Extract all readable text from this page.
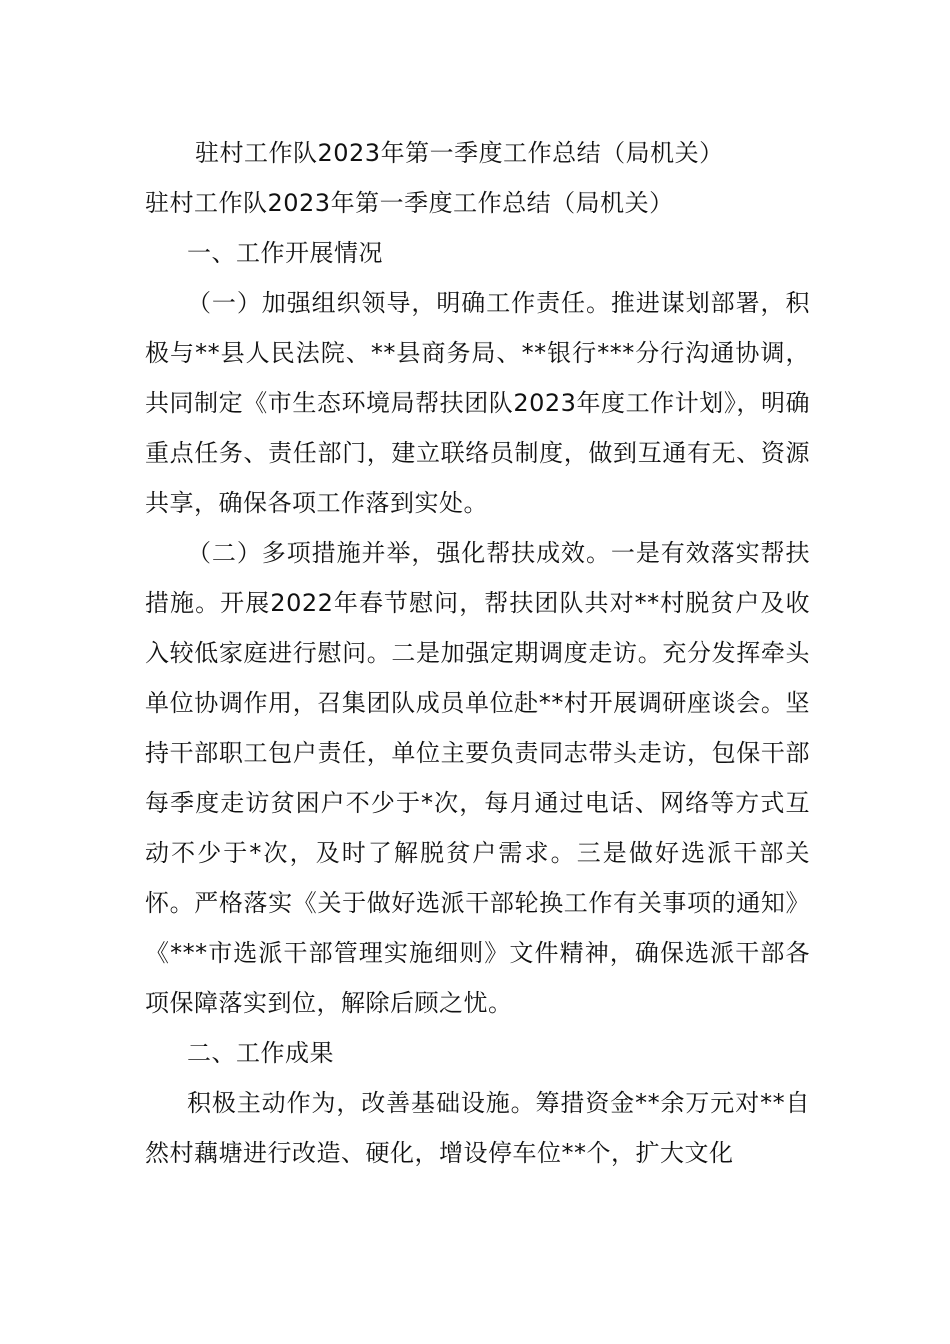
驻村工作队2023年第一季度工作总结（局机关）
驻村工作队2023年第一季度工作总结（局机关）
一、工作开展情况

（一）加强组织领导，明确工作责任。推进谋划部署，积极与**县人民法院、**县商务局、**银行***分行沟通协调，共同制定《市生态环境局帮扶团队2023年度工作计划》，明确重点任务、责任部门，建立联络员制度，做到互通有无、资源共享，确保各项工作落到实处。

（二）多项措施并举，强化帮扶成效。一是有效落实帮扶措施。开展2022年春节慰问，帮扶团队共对**村脱贫户及收入较低家庭进行慰问。二是加强定期调度走访。充分发挥牵头单位协调作用，召集团队成员单位赴**村开展调研座谈会。坚持干部职工包户责任，单位主要负责同志带头走访，包保干部每季度走访贫困户不少于*次，每月通过电话、网络等方式互动不少于*次，及时了解脱贫户需求。三是做好选派干部关怀。严格落实《关于做好选派干部轮换工作有关事项的通知》《***市选派干部管理实施细则》文件精神，确保选派干部各项保障落实到位，解除后顾之忧。

二、工作成果

积极主动作为，改善基础设施。筹措资金**余万元对**自然村藕塘进行改造、硬化，增设停车位**个，扩大文化
